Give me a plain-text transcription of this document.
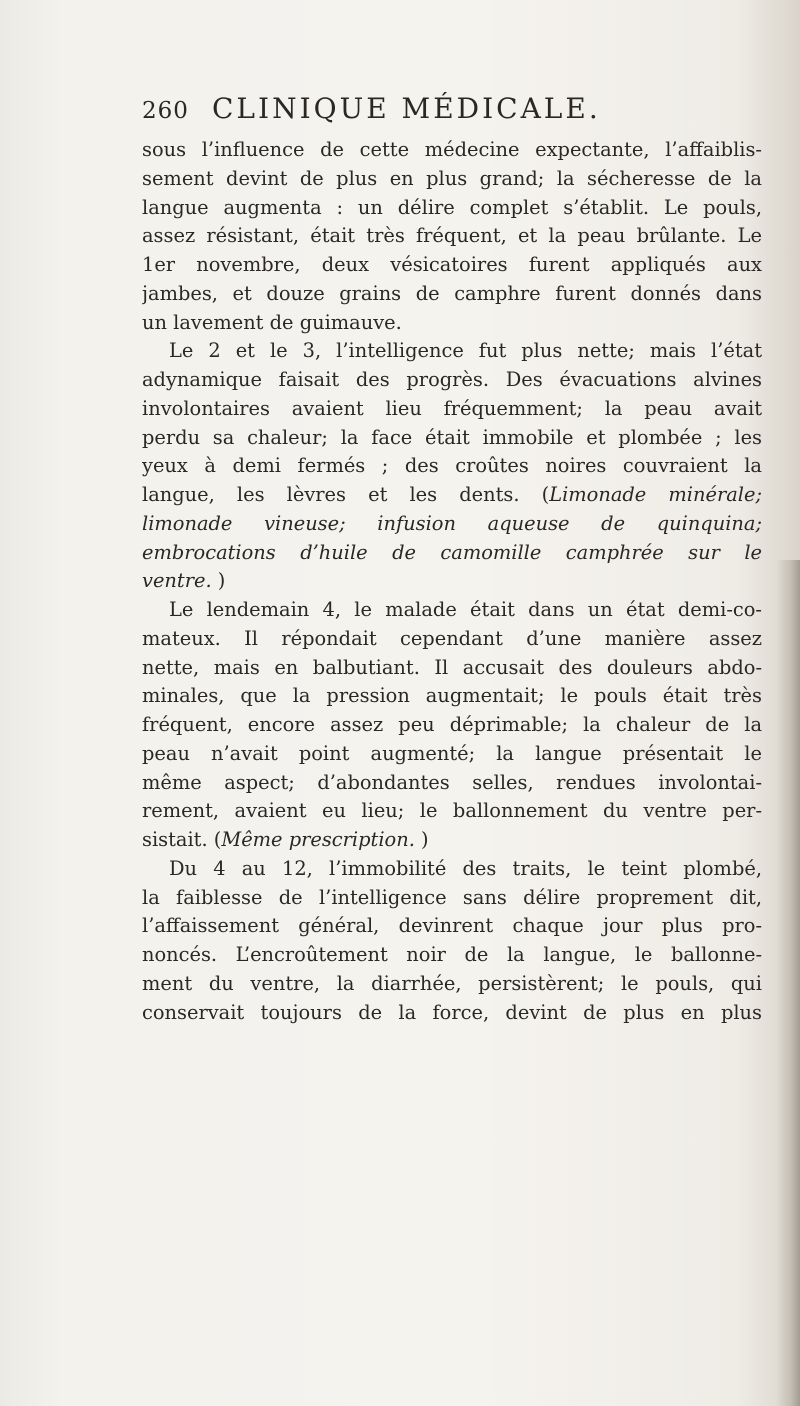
260 CLINIQUE MÉDICALE.
sous l’influence de cette médecine expectante, l’affaiblis-
sement devint de plus en plus grand; la sécheresse de la
langue augmenta : un délire complet s’établit. Le pouls,
assez résistant, était très fréquent, et la peau brûlante. Le
1er novembre, deux vésicatoires furent appliqués aux
jambes, et douze grains de camphre furent donnés dans
un lavement de guimauve.
Le 2 et le 3, l’intelligence fut plus nette; mais l’état
adynamique faisait des progrès. Des évacuations alvines
involontaires avaient lieu fréquemment; la peau avait
perdu sa chaleur; la face était immobile et plombée ; les
yeux à demi fermés ; des croûtes noires couvraient la
langue, les lèvres et les dents. (Limonade minérale;
limonade vineuse; infusion aqueuse de quinquina;
embrocations d’huile de camomille camphrée sur le
ventre. )
Le lendemain 4, le malade était dans un état demi-co-
mateux. Il répondait cependant d’une manière assez
nette, mais en balbutiant. Il accusait des douleurs abdo-
minales, que la pression augmentait; le pouls était très
fréquent, encore assez peu déprimable; la chaleur de la
peau n’avait point augmenté; la langue présentait le
même aspect; d’abondantes selles, rendues involontai-
rement, avaient eu lieu; le ballonnement du ventre per-
sistait. (Même prescription. )
Du 4 au 12, l’immobilité des traits, le teint plombé,
la faiblesse de l’intelligence sans délire proprement dit,
l’affaissement général, devinrent chaque jour plus pro-
noncés. L’encroûtement noir de la langue, le ballonne-
ment du ventre, la diarrhée, persistèrent; le pouls, qui
conservait toujours de la force, devint de plus en plus
